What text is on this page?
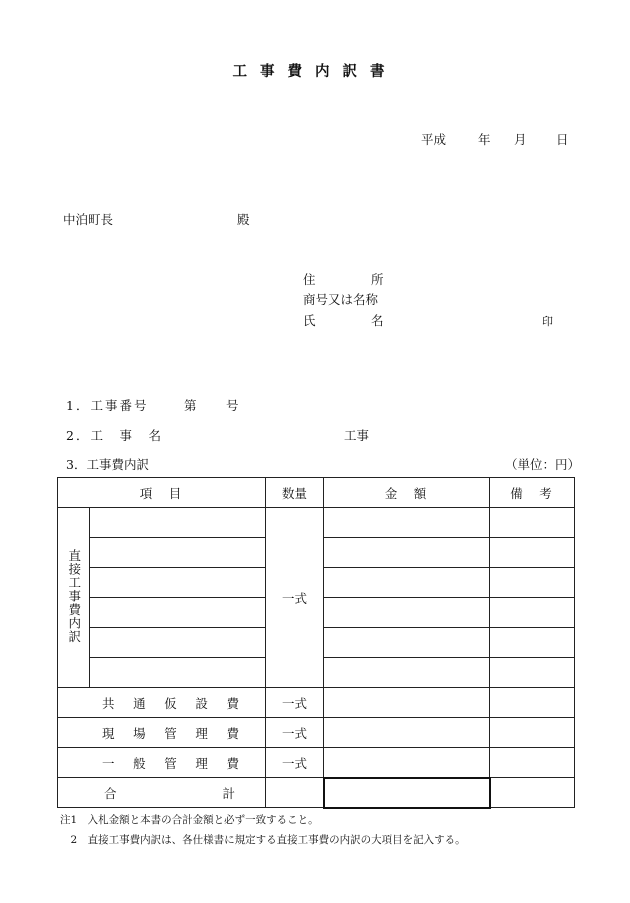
工事費内訳書
平成	年 月 日
中泊町長	殿
住	所
商号又は名称
氏	名	印
1．工事番号	第 号
2．工　事　名	工事
3．工事費内訳	（単位：円）
項　目		数量	金　額	備　考
直接工事費内訳		一式		

共 通 仮 設 費		一式		

現 場 管 理 費		一式		

一 般 管 理 費		一式		

合 計				

注1　入札金額と本書の合計金額と必ず一致すること。
　2　直接工事費内訳は、各仕様書に規定する直接工事費の内訳の大項目を記入する。
